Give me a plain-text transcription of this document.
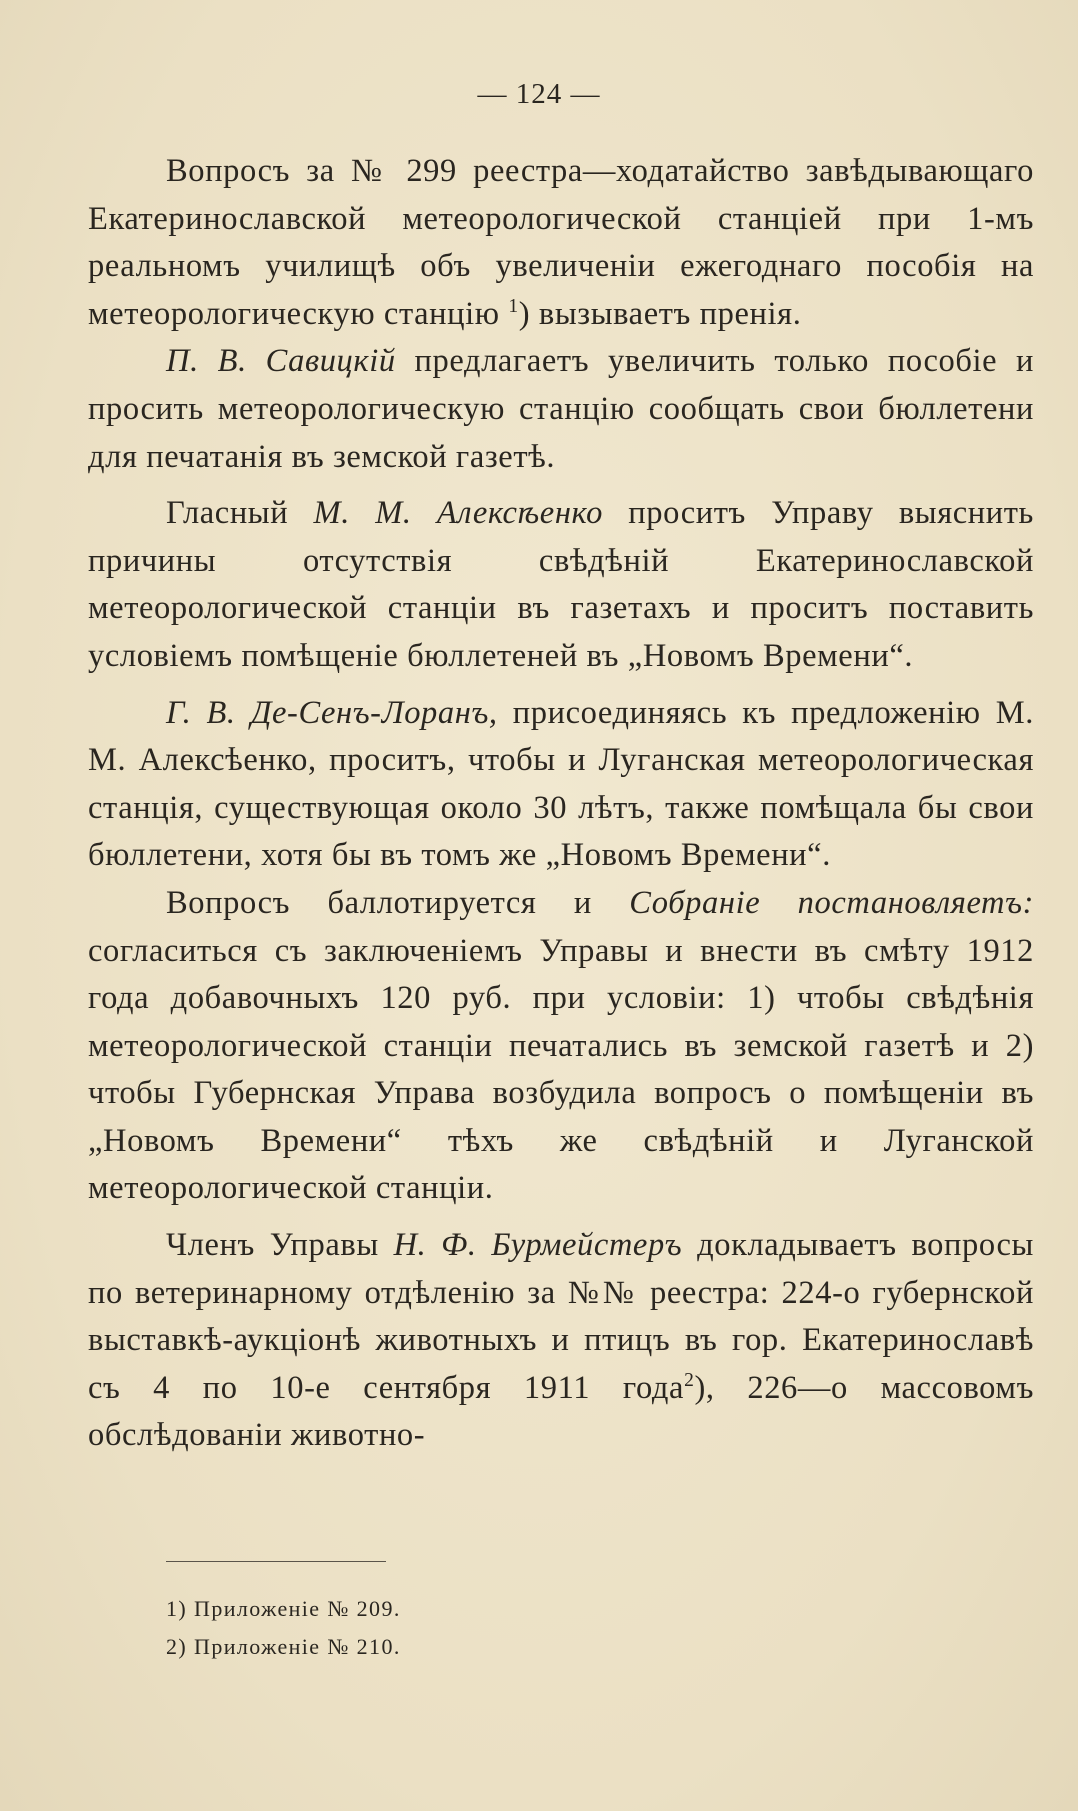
— 124 —

Вопросъ за № 299 реестра—ходатайство завѣдывающаго Екатеринославской метеорологической станціей при 1-мъ реальномъ училищѣ объ увеличеніи ежегоднаго пособія на метеорологическую станцію $^1$) вызываетъ пренія.

П. В. Савицкій предлагаетъ увеличить только пособіе и просить метеорологическую станцію сообщать свои бюллетени для печатанія въ земской газетѣ.

Гласный М. М. Алексѣенко проситъ Управу выяснить причины отсутствія свѣдѣній Екатеринославской метеорологической станціи въ газетахъ и проситъ поставить условіемъ помѣщеніе бюллетеней въ „Новомъ Времени“.

Г. В. Де-Сенъ-Лоранъ, присоединяясь къ предложенію М. М. Алексѣенко, проситъ, чтобы и Луганская метеорологическая станція, существующая около 30 лѣтъ, также помѣщала бы свои бюллетени, хотя бы въ томъ же „Новомъ Времени“.

Вопросъ баллотируется и Собраніе постановляетъ: согласиться съ заключеніемъ Управы и внести въ смѣту 1912 года добавочныхъ 120 руб. при условіи: 1) чтобы свѣдѣнія метеорологической станціи печатались въ земской газетѣ и 2) чтобы Губернская Управа возбудила вопросъ о помѣщеніи въ „Новомъ Времени“ тѣхъ же свѣдѣній и Луганской метеорологической станціи.

Членъ Управы Н. Ф. Бурмейстеръ докладываетъ вопросы по ветеринарному отдѣленію за №№ реестра: 224-о губернской выставкѣ-аукціонѣ животныхъ и птицъ въ гор. Екатеринославѣ съ 4 по 10-е сентября 1911 года$^2$), 226—о массовомъ обслѣдованіи животно-

1) Приложеніе № 209.
2) Приложеніе № 210.
